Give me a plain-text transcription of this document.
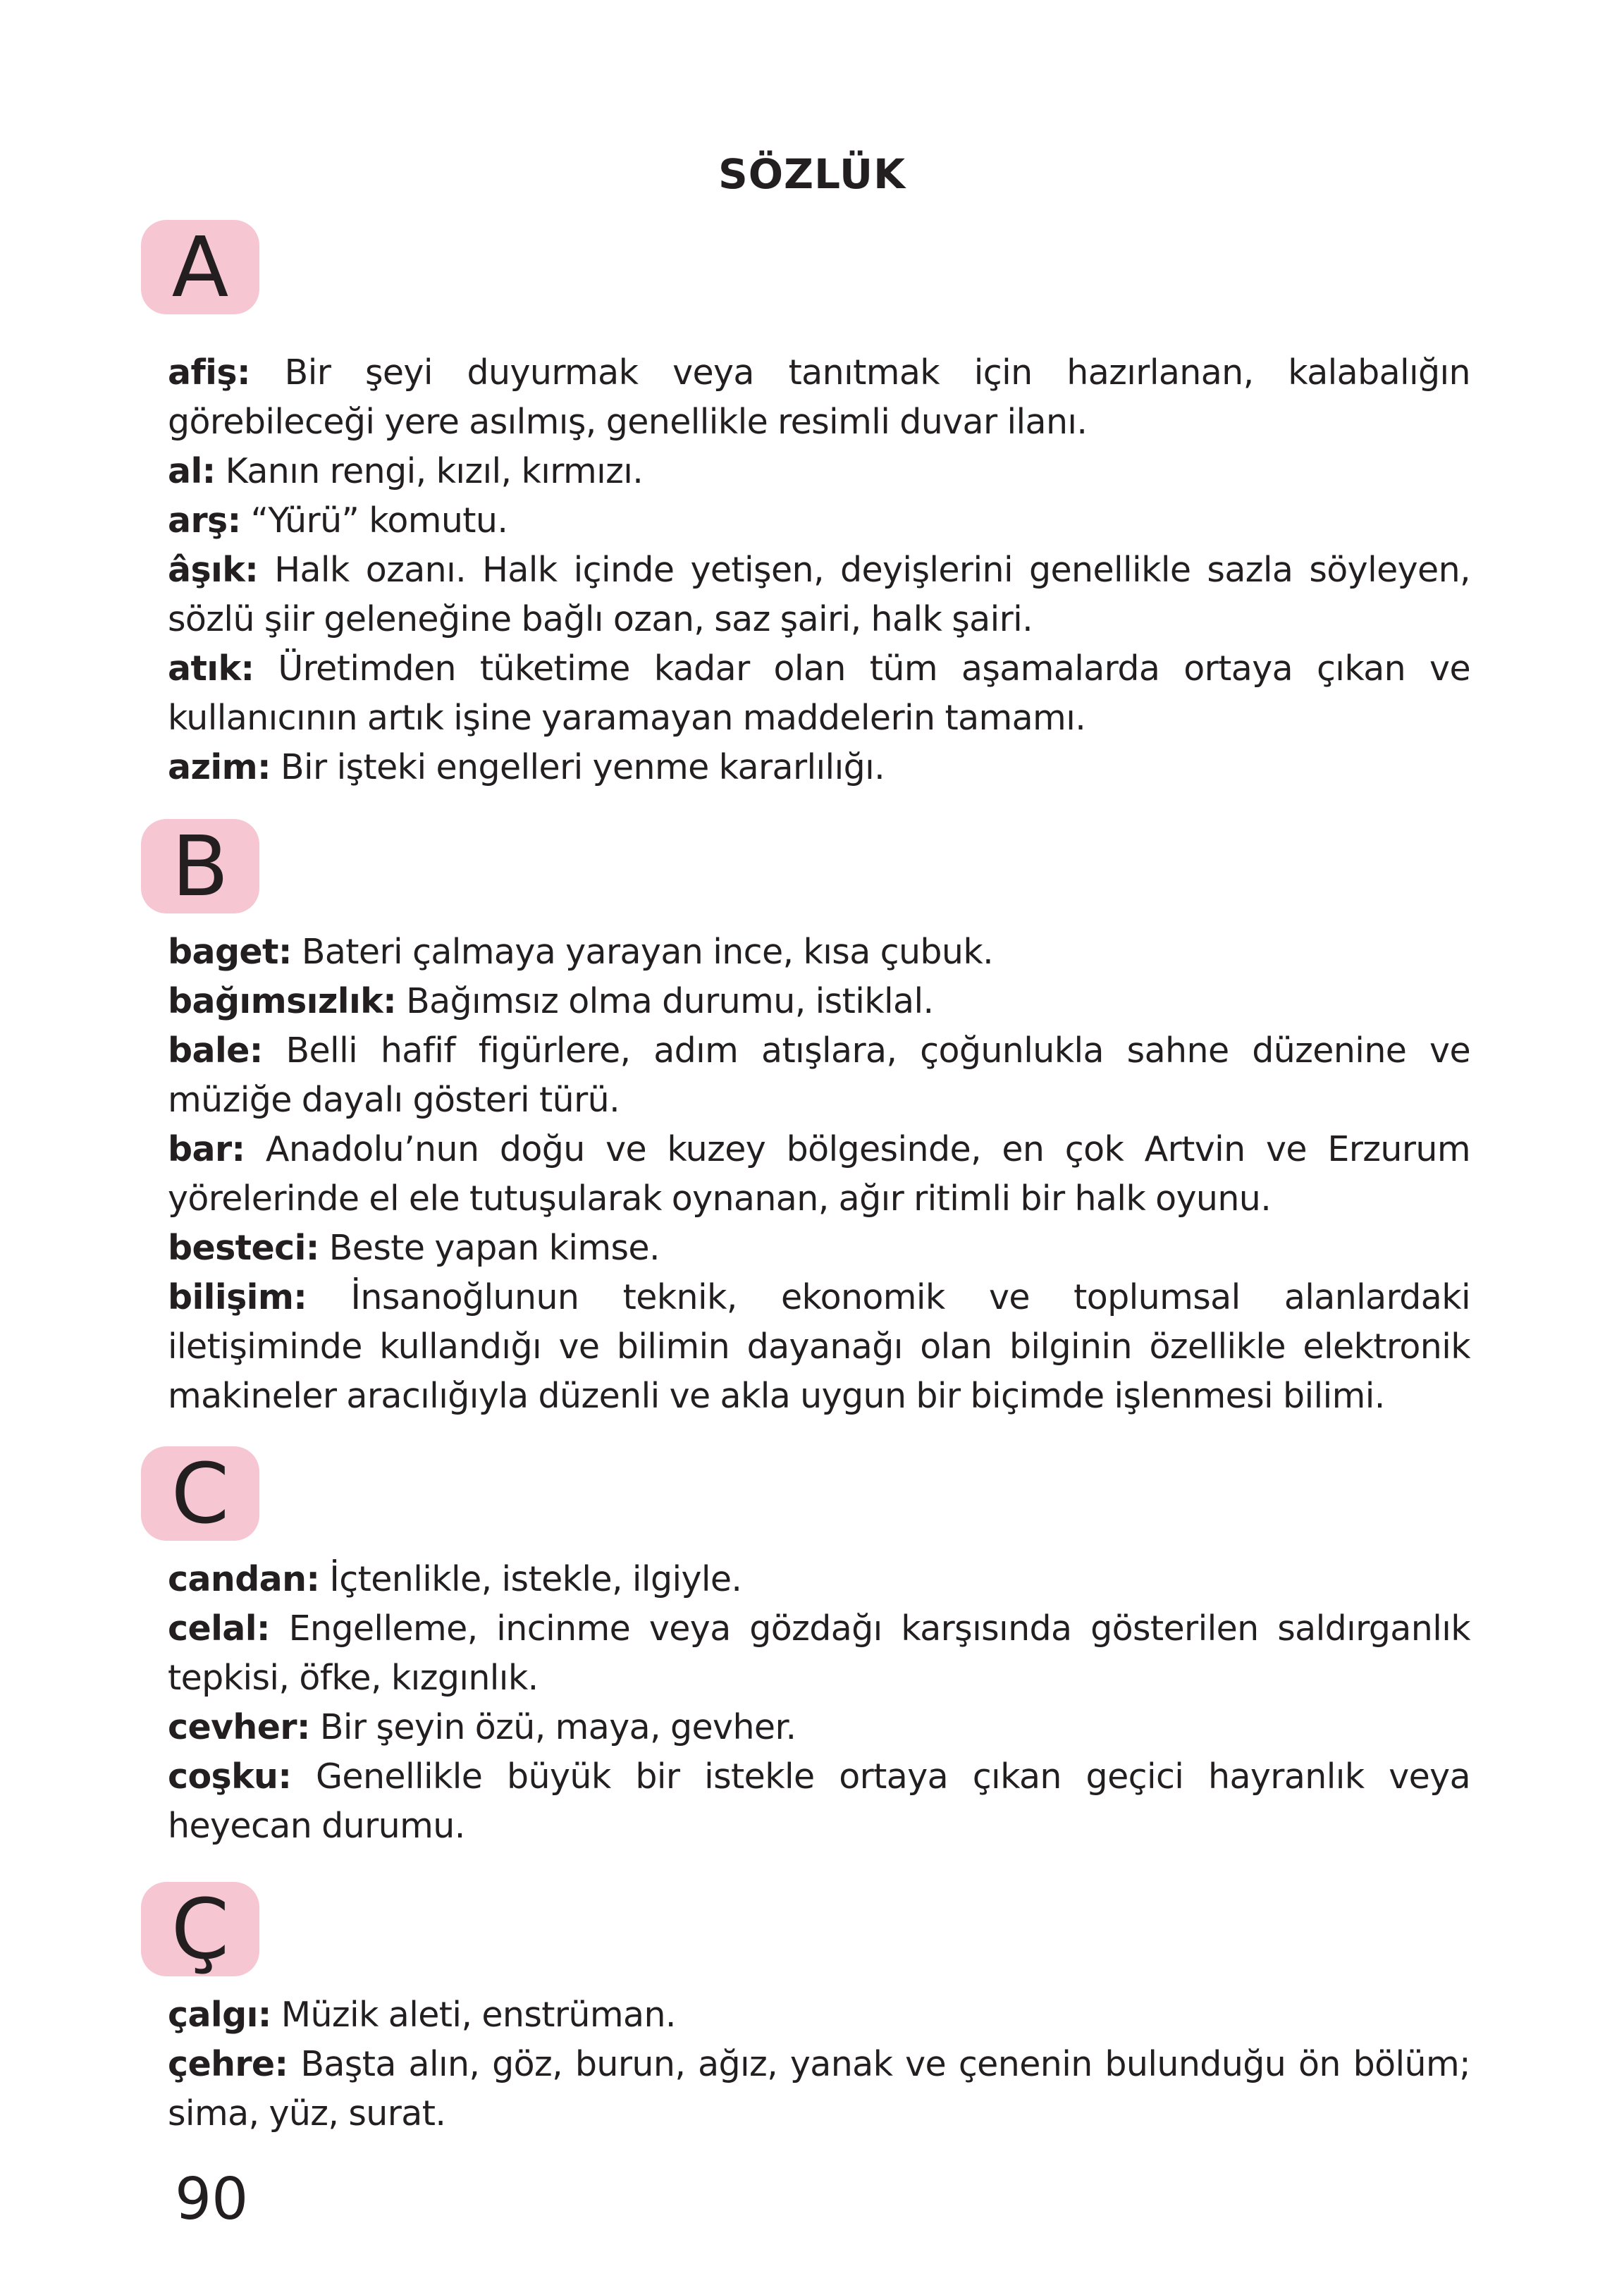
SÖZLÜK
A

afiş: Bir şeyi duyurmak veya tanıtmak için hazırlanan, kalabalığın görebileceği yere asılmış, genellikle resimli duvar ilanı.

al: Kanın rengi, kızıl, kırmızı.

arş: “Yürü” komutu.

âşık: Halk ozanı. Halk içinde yetişen, deyişlerini genellikle sazla söyleyen, sözlü şiir geleneğine bağlı ozan, saz şairi, halk şairi.

atık: Üretimden tüketime kadar olan tüm aşamalarda ortaya çıkan ve kullanıcının artık işine yaramayan maddelerin tamamı.

azim: Bir işteki engelleri yenme kararlılığı.

B

baget: Bateri çalmaya yarayan ince, kısa çubuk.

bağımsızlık: Bağımsız olma durumu, istiklal.

bale: Belli hafif figürlere, adım atışlara, çoğunlukla sahne düzenine ve müziğe dayalı gösteri türü.

bar: Anadolu’nun doğu ve kuzey bölgesinde, en çok Artvin ve Erzurum yörelerinde el ele tutuşularak oynanan, ağır ritimli bir halk oyunu.

besteci: Beste yapan kimse.

bilişim: İnsanoğlunun teknik, ekonomik ve toplumsal alanlardaki iletişiminde kullandığı ve bilimin dayanağı olan bilginin özellikle elektronik makineler aracılığıyla düzenli ve akla uygun bir biçimde işlenmesi bilimi.

C

candan: İçtenlikle, istekle, ilgiyle.

celal: Engelleme, incinme veya gözdağı karşısında gösterilen saldırganlık tepkisi, öfke, kızgınlık.

cevher: Bir şeyin özü, maya, gevher.

coşku: Genellikle büyük bir istekle ortaya çıkan geçici hayranlık veya heyecan durumu.

Ç

çalgı: Müzik aleti, enstrüman.

çehre: Başta alın, göz, burun, ağız, yanak ve çenenin bulunduğu ön bölüm; sima, yüz, surat.

90
